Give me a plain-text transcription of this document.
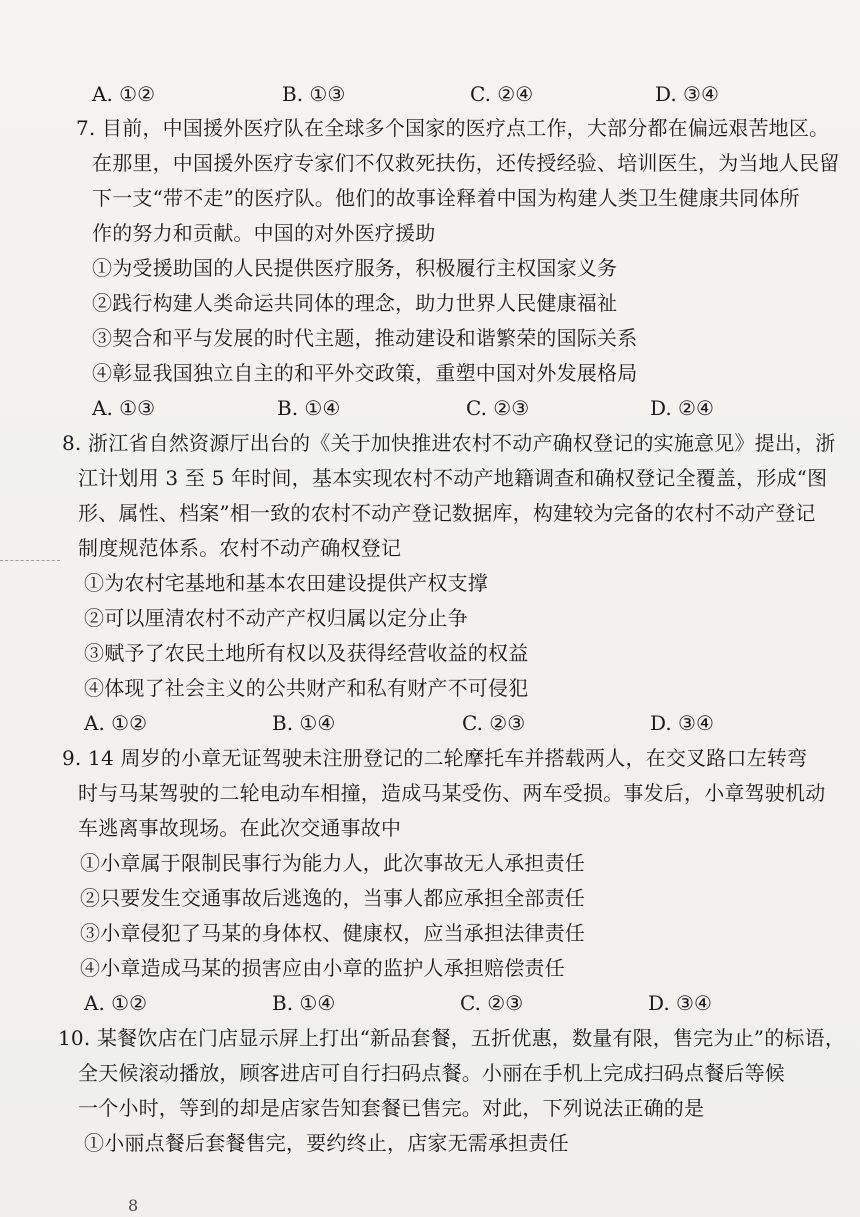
A. ①②	B. ①③	C. ②④	D. ③④
7. 目前，中国援外医疗队在全球多个国家的医疗点工作，大部分都在偏远艰苦地区。
在那里，中国援外医疗专家们不仅救死扶伤，还传授经验、培训医生，为当地人民留
下一支“带不走”的医疗队。他们的故事诠释着中国为构建人类卫生健康共同体所
作的努力和贡献。中国的对外医疗援助
①为受援助国的人民提供医疗服务，积极履行主权国家义务
②践行构建人类命运共同体的理念，助力世界人民健康福祉
③契合和平与发展的时代主题，推动建设和谐繁荣的国际关系
④彰显我国独立自主的和平外交政策，重塑中国对外发展格局
A. ①③	B. ①④	C. ②③	D. ②④
8. 浙江省自然资源厅出台的《关于加快推进农村不动产确权登记的实施意见》提出，浙
江计划用 3 至 5 年时间，基本实现农村不动产地籍调查和确权登记全覆盖，形成“图
形、属性、档案”相一致的农村不动产登记数据库，构建较为完备的农村不动产登记
制度规范体系。农村不动产确权登记
①为农村宅基地和基本农田建设提供产权支撑
②可以厘清农村不动产产权归属以定分止争
③赋予了农民土地所有权以及获得经营收益的权益
④体现了社会主义的公共财产和私有财产不可侵犯
A. ①②	B. ①④	C. ②③	D. ③④
9. 14 周岁的小章无证驾驶未注册登记的二轮摩托车并搭载两人，在交叉路口左转弯
时与马某驾驶的二轮电动车相撞，造成马某受伤、两车受损。事发后，小章驾驶机动
车逃离事故现场。在此次交通事故中
①小章属于限制民事行为能力人，此次事故无人承担责任
②只要发生交通事故后逃逸的，当事人都应承担全部责任
③小章侵犯了马某的身体权、健康权，应当承担法律责任
④小章造成马某的损害应由小章的监护人承担赔偿责任
A. ①②	B. ①④	C. ②③	D. ③④
10. 某餐饮店在门店显示屏上打出“新品套餐，五折优惠，数量有限，售完为止”的标语，
全天候滚动播放，顾客进店可自行扫码点餐。小丽在手机上完成扫码点餐后等候
一个小时，等到的却是店家告知套餐已售完。对此，下列说法正确的是
①小丽点餐后套餐售完，要约终止，店家无需承担责任
8
